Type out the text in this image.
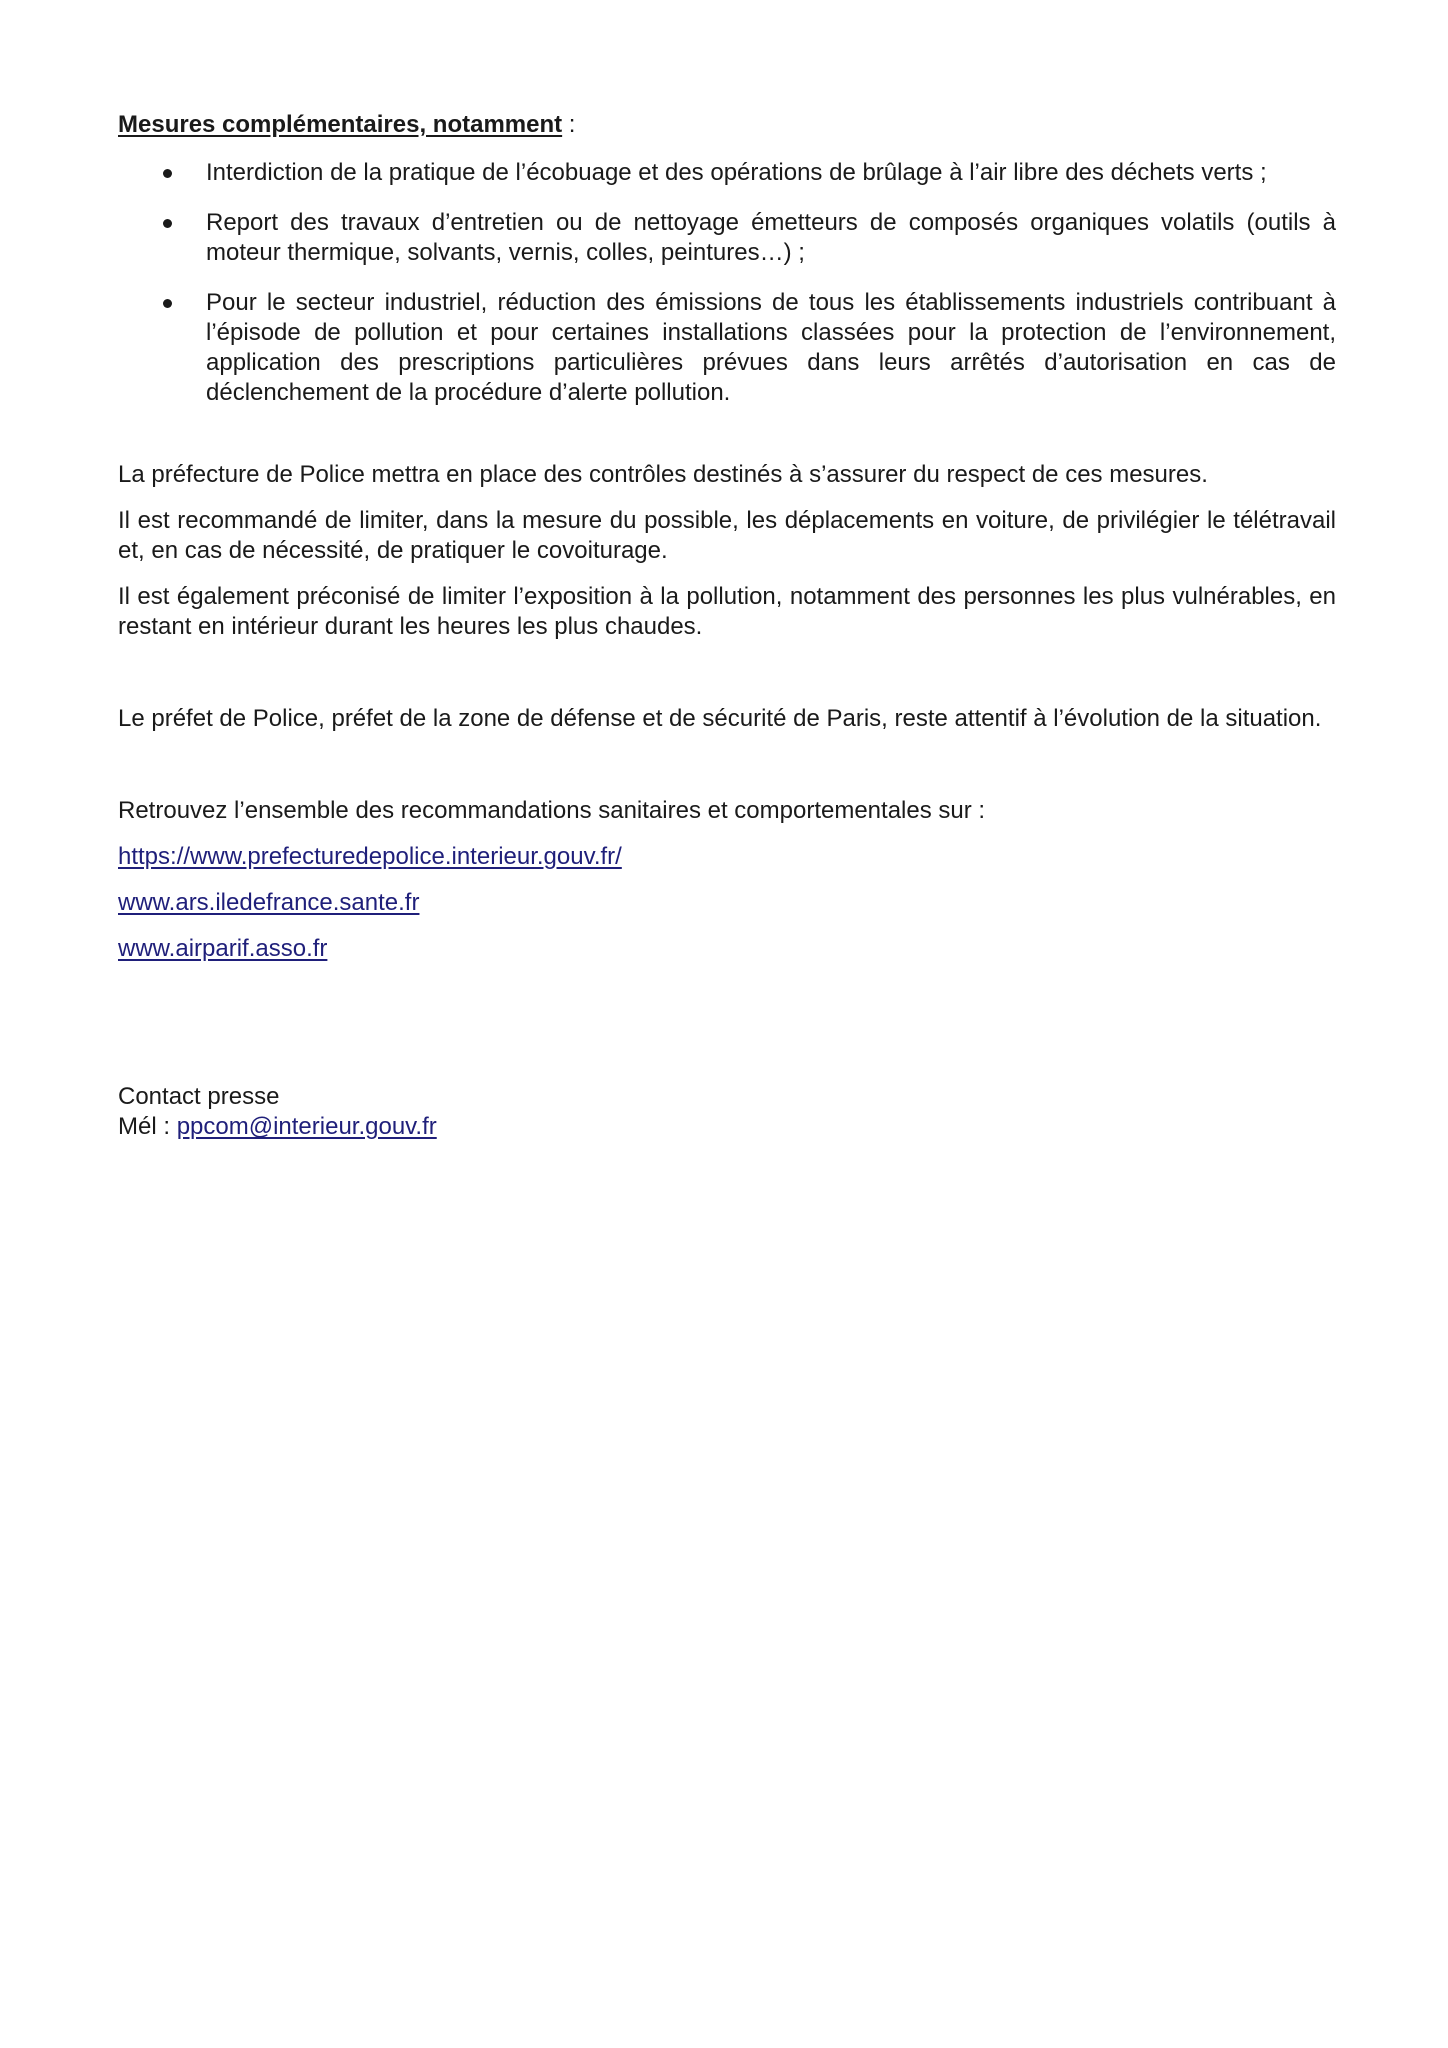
Mesures complémentaires, notamment :
Interdiction de la pratique de l’écobuage et des opérations de brûlage à l’air libre des déchets verts ;
Report des travaux d’entretien ou de nettoyage émetteurs de composés organiques volatils (outils à moteur thermique, solvants, vernis, colles, peintures…) ;
Pour le secteur industriel, réduction des émissions de tous les établissements industriels contribuant à l’épisode de pollution et pour certaines installations classées pour la protection de l’environnement, application des prescriptions particulières prévues dans leurs arrêtés d’autorisation en cas de déclenchement de la procédure d’alerte pollution.

La préfecture de Police mettra en place des contrôles destinés à s’assurer du respect de ces mesures.

Il est recommandé de limiter, dans la mesure du possible, les déplacements en voiture, de privilégier le télétravail et, en cas de nécessité, de pratiquer le covoiturage.

Il est également préconisé de limiter l’exposition à la pollution, notamment des personnes les plus vulnérables, en restant en intérieur durant les heures les plus chaudes.

Le préfet de Police, préfet de la zone de défense et de sécurité de Paris, reste attentif à l’évolution de la situation.

Retrouvez l’ensemble des recommandations sanitaires et comportementales sur :

https://www.prefecturedepolice.interieur.gouv.fr/

www.ars.iledefrance.sante.fr

www.airparif.asso.fr

Contact presse
Mél : ppcom@interieur.gouv.fr
